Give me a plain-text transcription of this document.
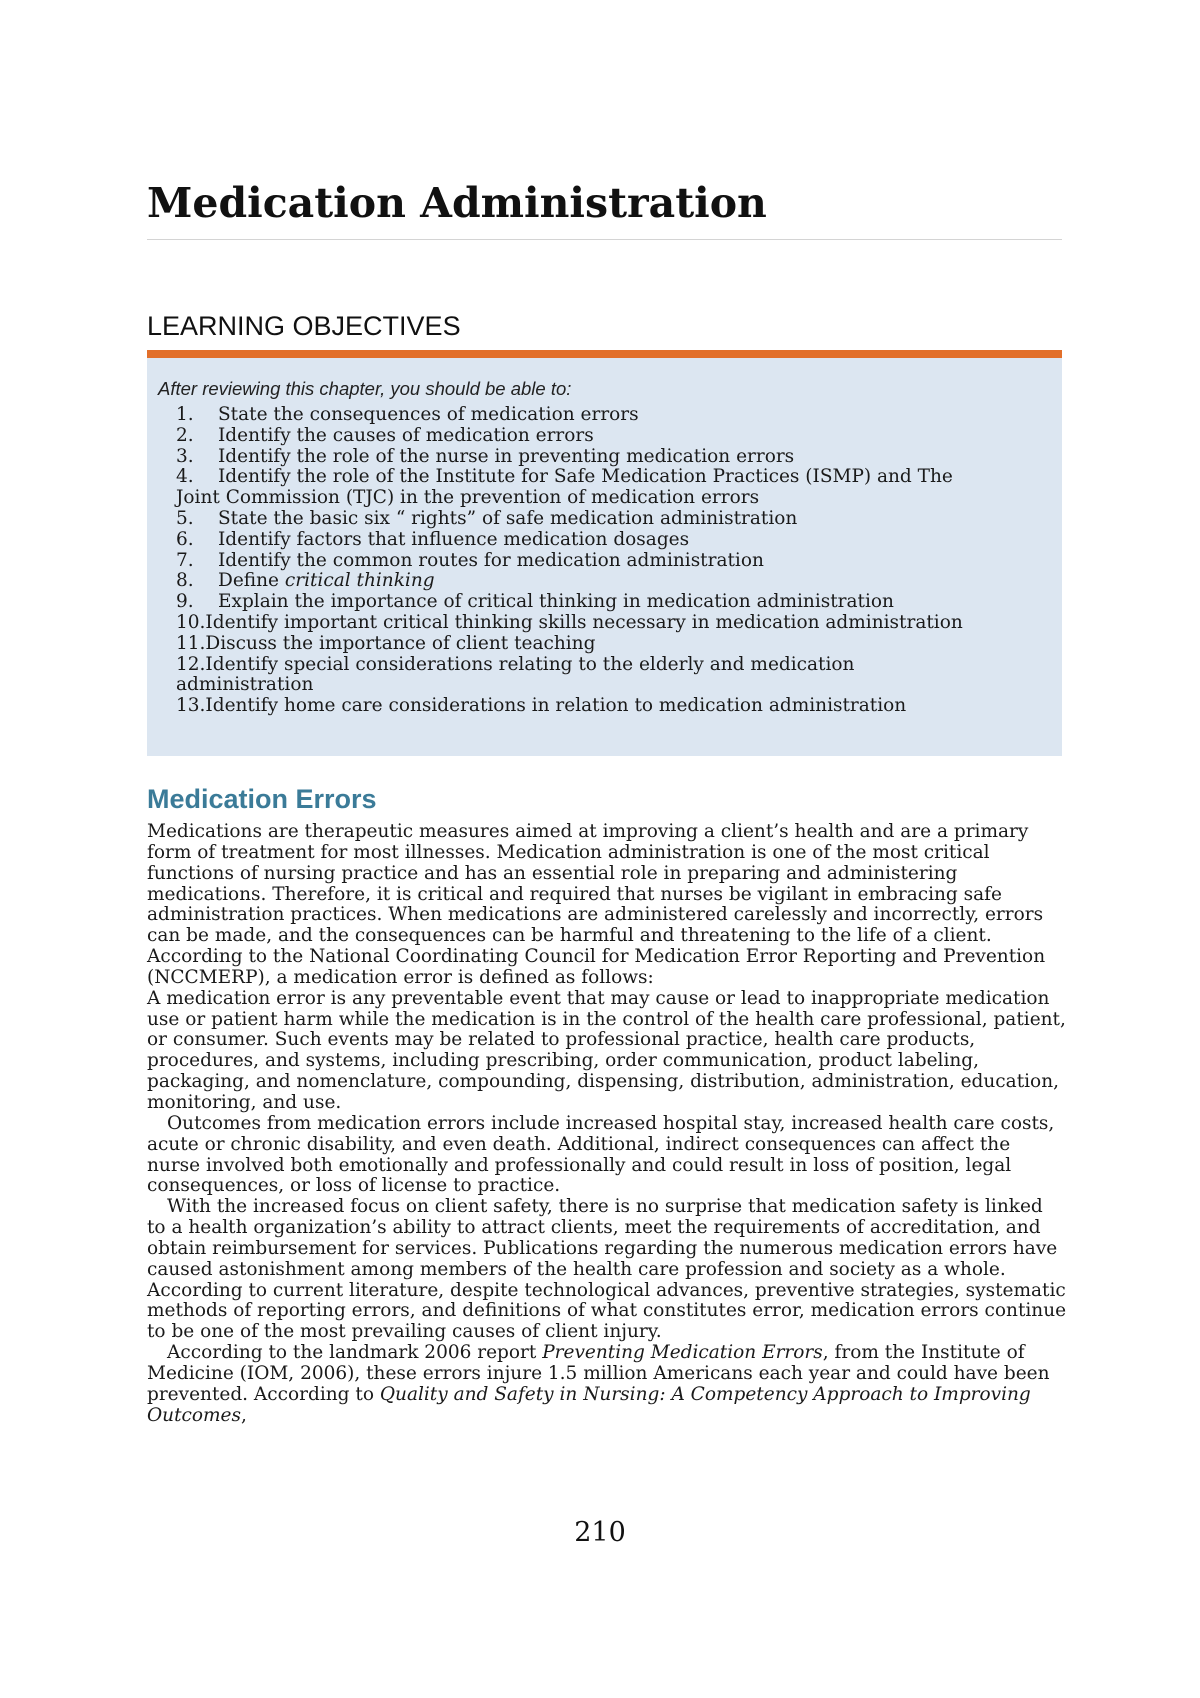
Medication Administration
LEARNING OBJECTIVES

After reviewing this chapter, you should be able to:

1. State the consequences of medication errors
2. Identify the causes of medication errors
3. Identify the role of the nurse in preventing medication errors
4. Identify the role of the Institute for Safe Medication Practices (ISMP) and The
Joint Commission (TJC) in the prevention of medication errors
5. State the basic six “ rights” of safe medication administration
6. Identify factors that influence medication dosages
7. Identify the common routes for medication administration
8. Define critical thinking
9. Explain the importance of critical thinking in medication administration
10.Identify important critical thinking skills necessary in medication administration
11.Discuss the importance of client teaching
12.Identify special considerations relating to the elderly and medication
administration
13.Identify home care considerations in relation to medication administration
Medication Errors

Medications are therapeutic measures aimed at improving a client’s health and are a primary form of treatment for most illnesses. Medication administration is one of the most critical functions of nursing practice and has an essential role in preparing and administering medications. Therefore, it is critical and required that nurses be vigilant in embracing safe administration practices. When medications are administered carelessly and incorrectly, errors can be made, and the consequences can be harmful and threatening to the life of a client. According to the National Coordinating Council for Medication Error Reporting and Prevention (NCCMERP), a medication error is defined as follows:

A medication error is any preventable event that may cause or lead to inappropriate medication use or patient harm while the medication is in the control of the health care professional, patient, or consumer. Such events may be related to professional practice, health care products, procedures, and systems, including prescribing, order communication, product labeling, packaging, and nomenclature, compounding, dispensing, distribution, administration, education, monitoring, and use.

Outcomes from medication errors include increased hospital stay, increased health care costs, acute or chronic disability, and even death. Additional, indirect consequences can affect the nurse involved both emotionally and professionally and could result in loss of position, legal consequences, or loss of license to practice.

With the increased focus on client safety, there is no surprise that medication safety is linked to a health organization’s ability to attract clients, meet the requirements of accreditation, and obtain reimbursement for services. Publications regarding the numerous medication errors have caused astonishment among members of the health care profession and society as a whole. According to current literature, despite technological advances, preventive strategies, systematic methods of reporting errors, and definitions of what constitutes error, medication errors continue to be one of the most prevailing causes of client injury.

According to the landmark 2006 report Preventing Medication Errors, from the Institute of Medicine (IOM, 2006), these errors injure 1.5 million Americans each year and could have been prevented. According to Quality and Safety in Nursing: A Competency Approach to Improving Outcomes,

210
